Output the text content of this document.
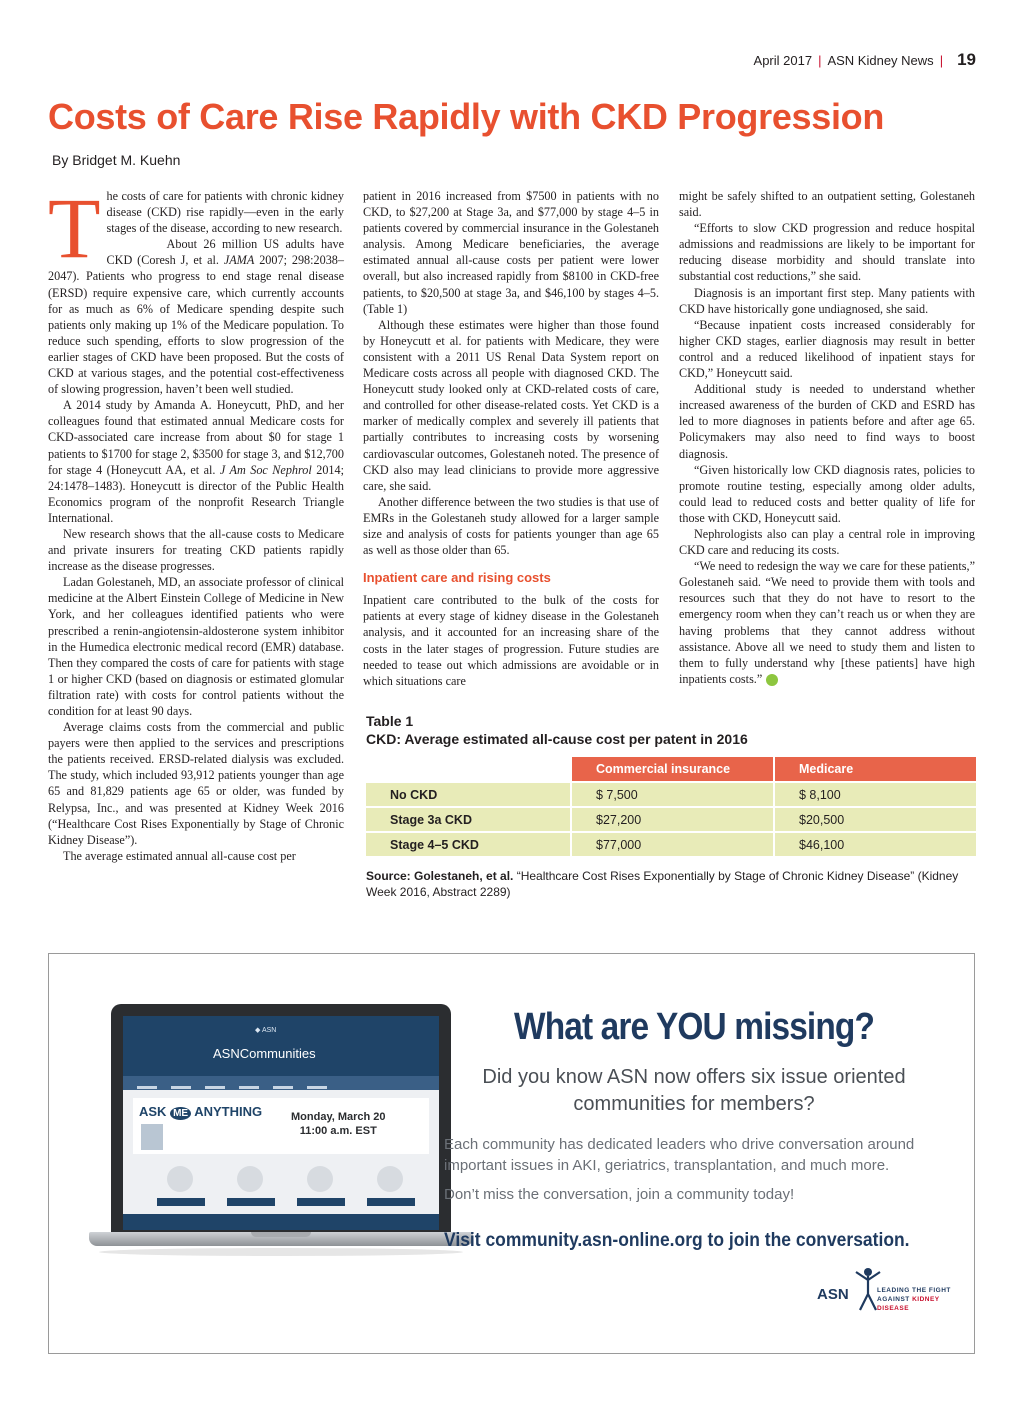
April 2017 | ASN Kidney News | 19
Costs of Care Rise Rapidly with CKD Progression
By Bridget M. Kuehn

The costs of care for patients with chronic kidney disease (CKD) rise rapidly—even in the early stages of the disease, according to new research.

About 26 million US adults have CKD (Coresh J, et al. JAMA 2007; 298:2038–2047). Patients who progress to end stage renal disease (ERSD) require expensive care, which currently accounts for as much as 6% of Medicare spending despite such patients only making up 1% of the Medicare population. To reduce such spending, efforts to slow progression of the earlier stages of CKD have been proposed. But the costs of CKD at various stages, and the potential cost-effectiveness of slowing progression, haven’t been well studied.

A 2014 study by Amanda A. Honeycutt, PhD, and her colleagues found that estimated annual Medicare costs for CKD-associated care increase from about $0 for stage 1 patients to $1700 for stage 2, $3500 for stage 3, and $12,700 for stage 4 (Honeycutt AA, et al. J Am Soc Nephrol 2014; 24:1478–1483). Honeycutt is director of the Public Health Economics program of the nonprofit Research Triangle International.

New research shows that the all-cause costs to Medicare and private insurers for treating CKD patients rapidly increase as the disease progresses.

Ladan Golestaneh, MD, an associate professor of clinical medicine at the Albert Einstein College of Medicine in New York, and her colleagues identified patients who were prescribed a renin-angiotensin-aldosterone system inhibitor in the Humedica electronic medical record (EMR) database. Then they compared the costs of care for patients with stage 1 or higher CKD (based on diagnosis or estimated glomular filtration rate) with costs for control patients without the condition for at least 90 days.

Average claims costs from the commercial and public payers were then applied to the services and prescriptions the patients received. ERSD-related dialysis was excluded. The study, which included 93,912 patients younger than age 65 and 81,829 patients age 65 or older, was funded by Relypsa, Inc., and was presented at Kidney Week 2016 (“Healthcare Cost Rises Exponentially by Stage of Chronic Kidney Disease”).

The average estimated annual all-cause cost per

patient in 2016 increased from $7500 in patients with no CKD, to $27,200 at Stage 3a, and $77,000 by stage 4–5 in patients covered by commercial insurance in the Golestaneh analysis. Among Medicare beneficiaries, the average estimated annual all-cause costs per patient were lower overall, but also increased rapidly from $8100 in CKD-free patients, to $20,500 at stage 3a, and $46,100 by stages 4–5. (Table 1)

Although these estimates were higher than those found by Honeycutt et al. for patients with Medicare, they were consistent with a 2011 US Renal Data System report on Medicare costs across all people with diagnosed CKD. The Honeycutt study looked only at CKD-related costs of care, and controlled for other disease-related costs. Yet CKD is a marker of medically complex and severely ill patients that partially contributes to increasing costs by worsening cardiovascular outcomes, Golestaneh noted. The presence of CKD also may lead clinicians to provide more aggressive care, she said.

Another difference between the two studies is that use of EMRs in the Golestaneh study allowed for a larger sample size and analysis of costs for patients younger than age 65 as well as those older than 65.

Inpatient care and rising costs

Inpatient care contributed to the bulk of the costs for patients at every stage of kidney disease in the Golestaneh analysis, and it accounted for an increasing share of the costs in the later stages of progression. Future studies are needed to tease out which admissions are avoidable or in which situations care

might be safely shifted to an outpatient setting, Golestaneh said.

“Efforts to slow CKD progression and reduce hospital admissions and readmissions are likely to be important for reducing disease morbidity and should translate into substantial cost reductions,” she said.

Diagnosis is an important first step. Many patients with CKD have historically gone undiagnosed, she said.

“Because inpatient costs increased considerably for higher CKD stages, earlier diagnosis may result in better control and a reduced likelihood of inpatient stays for CKD,” Honeycutt said.

Additional study is needed to understand whether increased awareness of the burden of CKD and ESRD has led to more diagnoses in patients before and after age 65. Policymakers may also need to find ways to boost diagnosis.

“Given historically low CKD diagnosis rates, policies to promote routine testing, especially among older adults, could lead to reduced costs and better quality of life for those with CKD, Honeycutt said.

Nephrologists also can play a central role in improving CKD care and reducing its costs.

“We need to redesign the way we care for these patients,” Golestaneh said. “We need to provide them with tools and resources such that they do not have to resort to the emergency room when they can’t reach us or when they are having problems that they cannot address without assistance. Above all we need to study them and listen to them to fully understand why [these patients] have high inpatients costs.”

Table 1
CKD: Average estimated all-cause cost per patent in 2016
	Commercial insurance	Medicare
No CKD	$ 7,500	$ 8,100
Stage 3a CKD	$27,200	$20,500
Stage 4–5 CKD	$77,000	$46,100
Source: Golestaneh, et al. “Healthcare Cost Rises Exponentially by Stage of Chronic Kidney Disease” (Kidney Week 2016, Abstract 2289)
◆ ASN
ASNCommunities
ASK ME ANYTHING	Monday, March 20
11:00 a.m. EST
What are YOU missing?
Did you know ASN now offers six issue oriented communities for members?
Each community has dedicated leaders who drive conversation around important issues in AKI, geriatrics, transplantation, and much more.
Don’t miss the conversation, join a community today!
Visit community.asn-online.org to join the conversation.
ASN	LEADING THE FIGHT
AGAINST KIDNEY DISEASE
